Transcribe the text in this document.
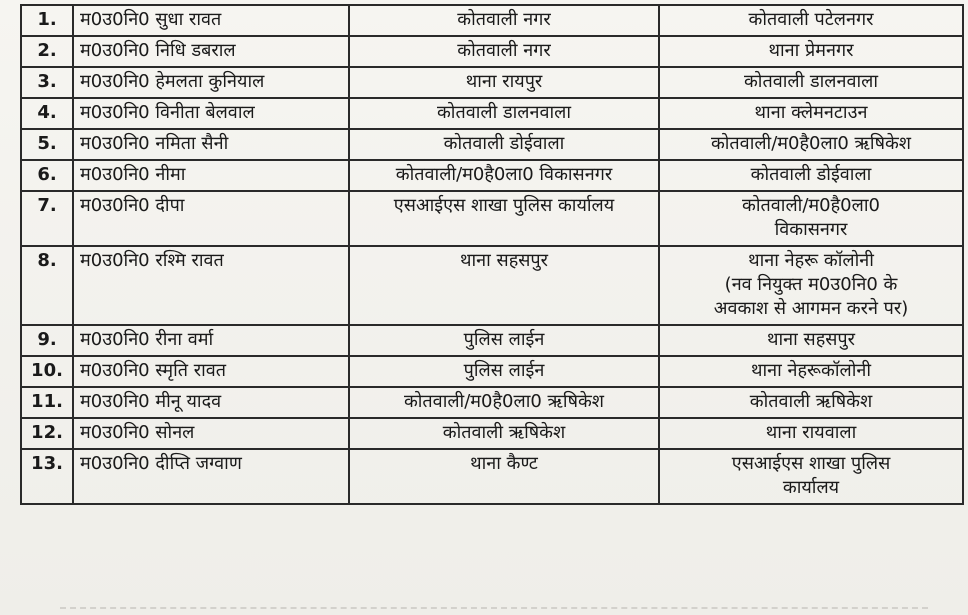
1.	म0उ0नि0 सुधा रावत	कोतवाली नगर	कोतवाली पटेलनगर

2.	म0उ0नि0 निधि डबराल	कोतवाली नगर	थाना प्रेमनगर

3.	म0उ0नि0 हेमलता कुनियाल	थाना रायपुर	कोतवाली डालनवाला

4.	म0उ0नि0 विनीता बेलवाल	कोतवाली डालनवाला	थाना क्लेमनटाउन

5.	म0उ0नि0 नमिता सैनी	कोतवाली डोईवाला	कोतवाली/म0है0ला0 ऋषिकेश

6.	म0उ0नि0 नीमा	कोतवाली/म0है0ला0 विकासनगर	कोतवाली डोईवाला

7.	म0उ0नि0 दीपा	एसआईएस शाखा पुलिस कार्यालय	कोतवाली/म0है0ला0
विकासनगर

8.	म0उ0नि0 रश्मि रावत	थाना सहसपुर	थाना नेहरू कॉलोनी
(नव नियुक्त म0उ0नि0 के
अवकाश से आगमन करने पर)

9.	म0उ0नि0 रीना वर्मा	पुलिस लाईन	थाना सहसपुर

10.	म0उ0नि0 स्मृति रावत	पुलिस लाईन	थाना नेहरूकॉलोनी

11.	म0उ0नि0 मीनू यादव	कोतवाली/म0है0ला0 ऋषिकेश	कोतवाली ऋषिकेश

12.	म0उ0नि0 सोनल	कोतवाली ऋषिकेश	थाना रायवाला

13.	म0उ0नि0 दीप्ति जग्वाण	थाना कैण्ट	एसआईएस शाखा पुलिस
कार्यालय
